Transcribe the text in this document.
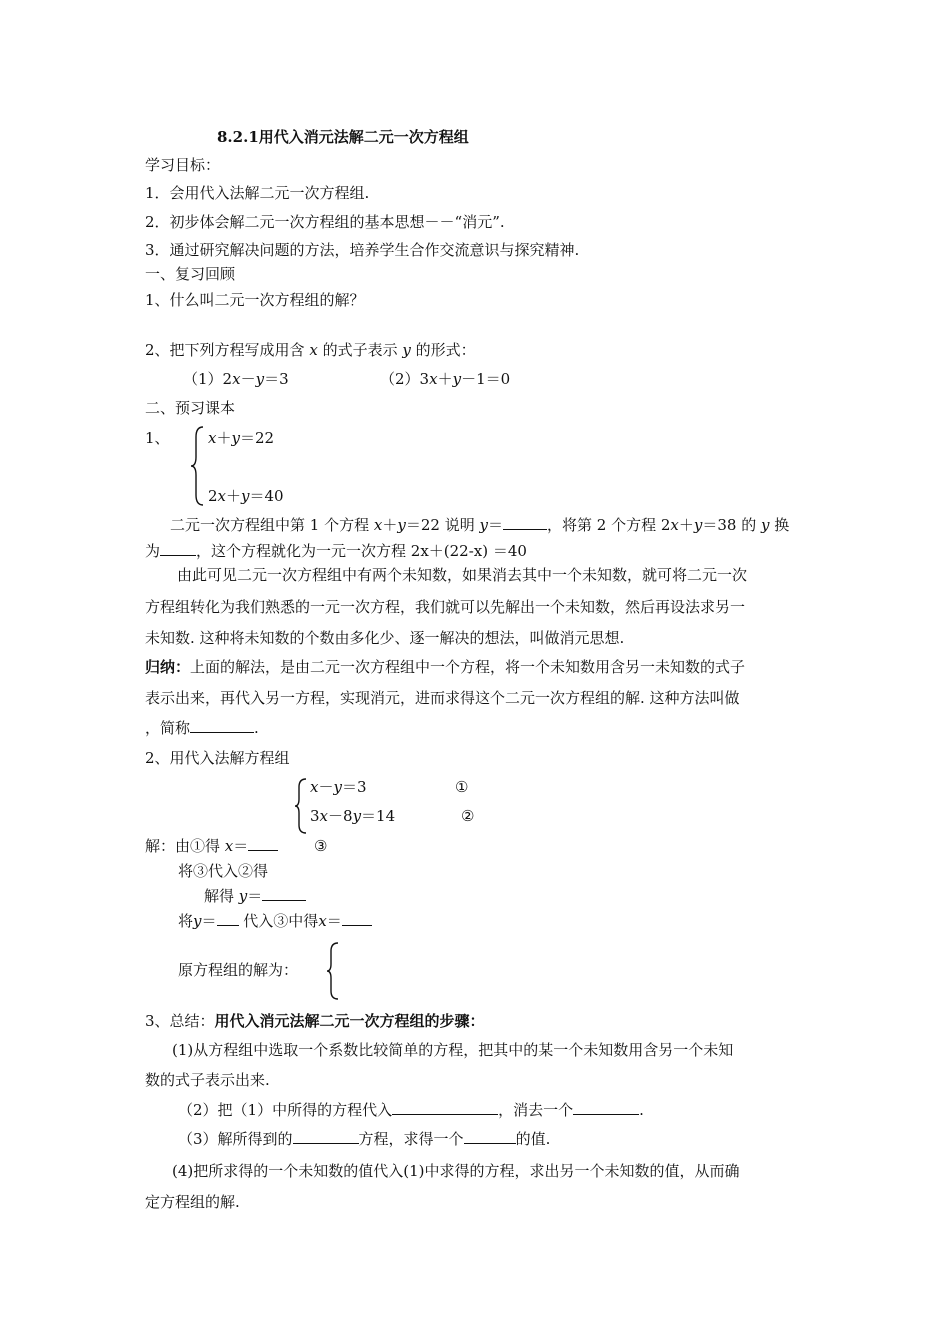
8.2.1用代入消元法解二元一次方程组
学习目标：
1．会用代入法解二元一次方程组.
2．初步体会解二元一次方程组的基本思想－－“消元”.
3．通过研究解决问题的方法，培养学生合作交流意识与探究精神.
一、复习回顾
1、什么叫二元一次方程组的解？
2、把下列方程写成用含 x 的式子表示 y 的形式：
（1）2x－y＝3	（2）3x＋y－1＝0
二、预习课本
1、	x＋y＝22
2x＋y＝40
二元一次方程组中第 1 个方程 x＋y＝22 说明 y＝	，将第 2 个方程 2x＋y＝38 的 y 换
为 ，这个方程就化为一元一次方程 2x＋(22-x) ＝40
由此可见二元一次方程组中有两个未知数，如果消去其中一个未知数，就可将二元一次
方程组转化为我们熟悉的一元一次方程，我们就可以先解出一个未知数，然后再设法求另一
未知数. 这种将未知数的个数由多化少、逐一解决的想法，叫做消元思想.
归纳：上面的解法，是由二元一次方程组中一个方程，将一个未知数用含另一未知数的式子
表示出来，再代入另一方程，实现消元，进而求得这个二元一次方程组的解. 这种方法叫做
，简称	.
2、用代入法解方程组
x－y＝3	①
3x－8y＝14	②
解：由①得 x＝	③
将③代入②得
解得 y＝
将y＝ 代入③中得x＝
原方程组的解为：
3、总结：用代入消元法解二元一次方程组的步骤：
(1)从方程组中选取一个系数比较简单的方程，把其中的某一个未知数用含另一个未知
数的式子表示出来.
（2）把（1）中所得的方程代入	，消去一个	.
（3）解所得到的	方程，求得一个	的值.
(4)把所求得的一个未知数的值代入(1)中求得的方程，求出另一个未知数的值，从而确
定方程组的解.
